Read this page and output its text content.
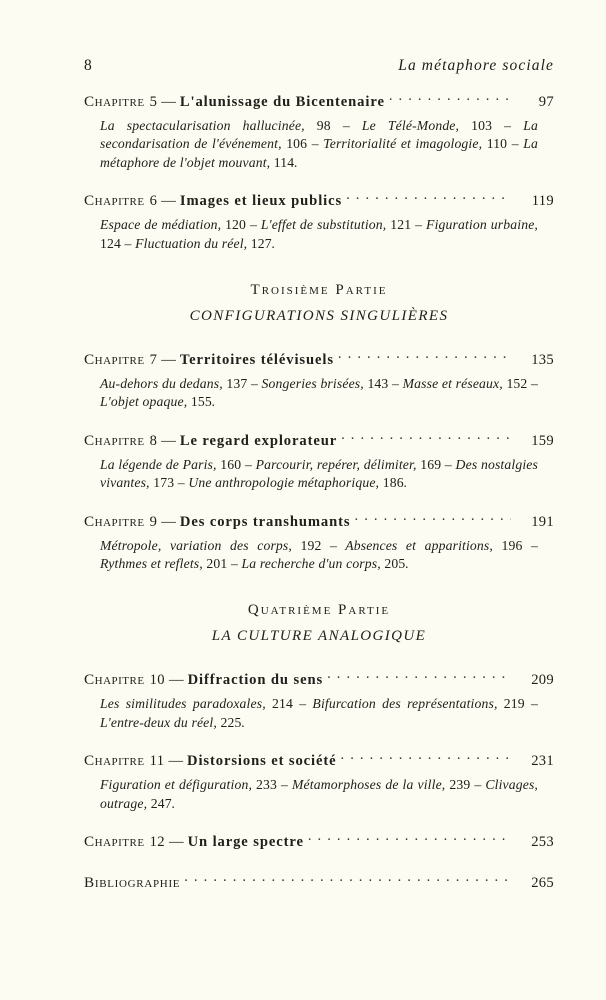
8	La métaphore sociale
Chapitre 5 — L'alunissage du Bicentenaire . . .	97
La spectacularisation hallucinée, 98 – Le Télé-Monde, 103 – La secondarisation de l'événement, 106 – Territorialité et imagologie, 110 – La métaphore de l'objet mouvant, 114.
Chapitre 6 — Images et lieux publics . . .	119
Espace de médiation, 120 – L'effet de substitution, 121 – Figuration urbaine, 124 – Fluctuation du réel, 127.
Troisième Partie
CONFIGURATIONS SINGULIÈRES
Chapitre 7 — Territoires télévisuels . . .	135
Au-dehors du dedans, 137 – Songeries brisées, 143 – Masse et réseaux, 152 – L'objet opaque, 155.
Chapitre 8 — Le regard explorateur . . .	159
La légende de Paris, 160 – Parcourir, repérer, délimiter, 169 – Des nostalgies vivantes, 173 – Une anthropologie métaphorique, 186.
Chapitre 9 — Des corps transhumants . . .	191
Métropole, variation des corps, 192 – Absences et apparitions, 196 – Rythmes et reflets, 201 – La recherche d'un corps, 205.
Quatrième Partie
LA CULTURE ANALOGIQUE
Chapitre 10 — Diffraction du sens . . .	209
Les similitudes paradoxales, 214 – Bifurcation des représentations, 219 – L'entre-deux du réel, 225.
Chapitre 11 — Distorsions et société . . .	231
Figuration et défiguration, 233 – Métamorphoses de la ville, 239 – Clivages, outrage, 247.
Chapitre 12 — Un large spectre . . .	253
Bibliographie . . .	265
